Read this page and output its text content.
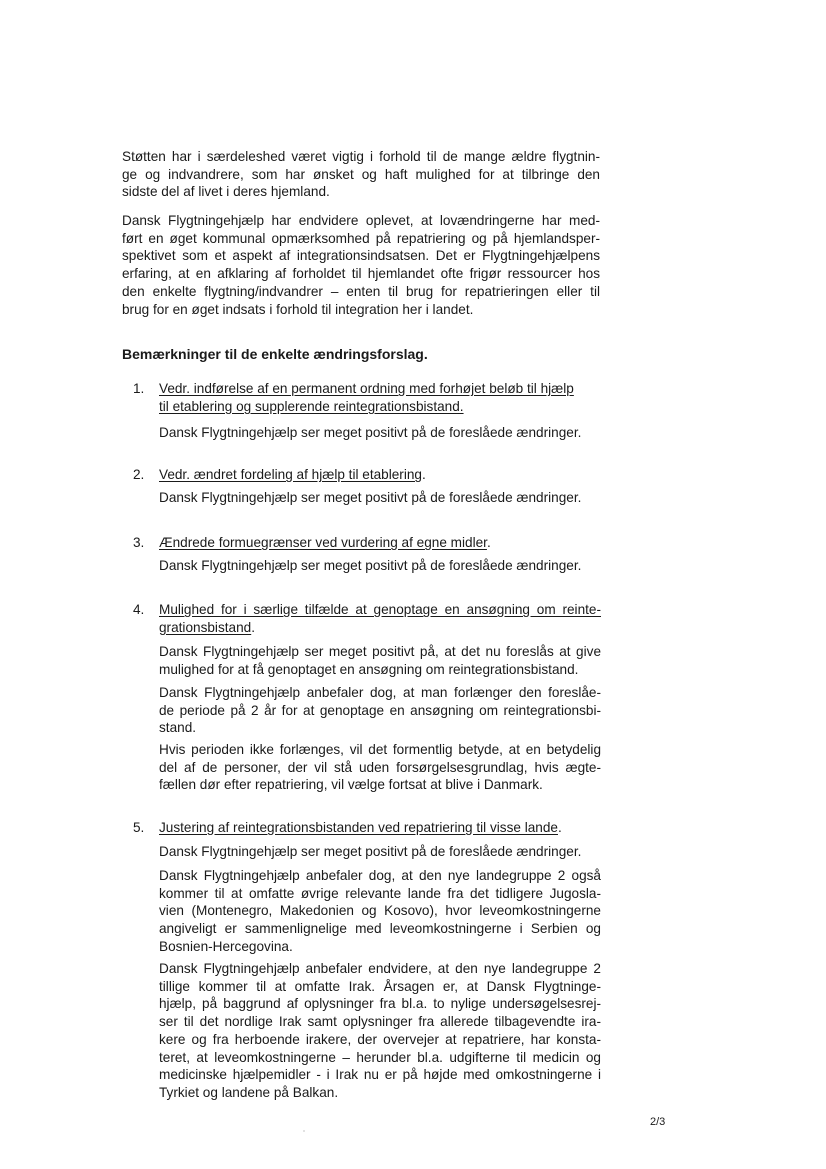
Støtten har i særdeleshed været vigtig i forhold til de mange ældre flygtnin-
ge og indvandrere, som har ønsket og haft mulighed for at tilbringe den
sidste del af livet i deres hjemland.

Dansk Flygtningehjælp har endvidere oplevet, at lovændringerne har med-
ført en øget kommunal opmærksomhed på repatriering og på hjemlandsper-
spektivet som et aspekt af integrationsindsatsen. Det er Flygtningehjælpens
erfaring, at en afklaring af forholdet til hjemlandet ofte frigør ressourcer hos
den enkelte flygtning/indvandrer – enten til brug for repatrieringen eller til
brug for en øget indsats i forhold til integration her i landet.

Bemærkninger til de enkelte ændringsforslag.
1. Vedr. indførelse af en permanent ordning med forhøjet beløb til hjælp
til etablering og supplerende reintegrationsbistand.

Dansk Flygtningehjælp ser meget positivt på de foreslåede ændringer.

2. Vedr. ændret fordeling af hjælp til etablering.

Dansk Flygtningehjælp ser meget positivt på de foreslåede ændringer.

3. Ændrede formuegrænser ved vurdering af egne midler.

Dansk Flygtningehjælp ser meget positivt på de foreslåede ændringer.

4. Mulighed for i særlige tilfælde at genoptage en ansøgning om reinte-
grationsbistand.

Dansk Flygtningehjælp ser meget positivt på, at det nu foreslås at give
mulighed for at få genoptaget en ansøgning om reintegrationsbistand.

Dansk Flygtningehjælp anbefaler dog, at man forlænger den foreslåe-
de periode på 2 år for at genoptage en ansøgning om reintegrationsbi-
stand.

Hvis perioden ikke forlænges, vil det formentlig betyde, at en betydelig
del af de personer, der vil stå uden forsørgelsesgrundlag, hvis ægte-
fællen dør efter repatriering, vil vælge fortsat at blive i Danmark.

5. Justering af reintegrationsbistanden ved repatriering til visse lande.

Dansk Flygtningehjælp ser meget positivt på de foreslåede ændringer.

Dansk Flygtningehjælp anbefaler dog, at den nye landegruppe 2 også
kommer til at omfatte øvrige relevante lande fra det tidligere Jugosla-
vien (Montenegro, Makedonien og Kosovo), hvor leveomkostningerne
angiveligt er sammenlignelige med leveomkostningerne i Serbien og
Bosnien-Hercegovina.

Dansk Flygtningehjælp anbefaler endvidere, at den nye landegruppe 2
tillige kommer til at omfatte Irak. Årsagen er, at Dansk Flygtninge-
hjælp, på baggrund af oplysninger fra bl.a. to nylige undersøgelsesrej-
ser til det nordlige Irak samt oplysninger fra allerede tilbagevendte ira-
kere og fra herboende irakere, der overvejer at repatriere, har konsta-
teret, at leveomkostningerne – herunder bl.a. udgifterne til medicin og
medicinske hjælpemidler - i Irak nu er på højde med omkostningerne i
Tyrkiet og landene på Balkan.

2/3
